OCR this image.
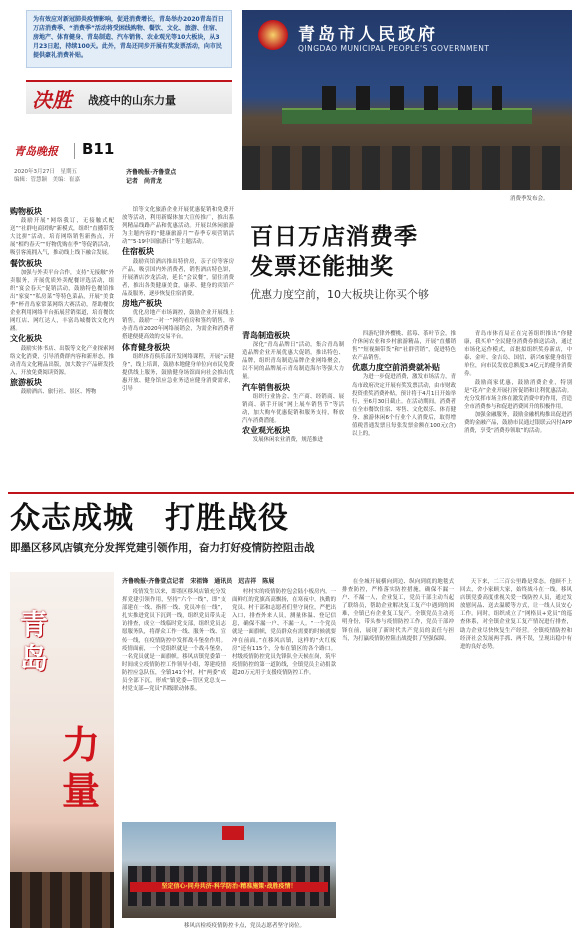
为有效应对新冠肺炎疫情影响，促进消费增长，青岛举办2020青岛百日万店消费季、“消费季”活动将受困线购物、餐饮、文化、旅游、住宿、房地产、体育健身、青岛制造、汽车销售、农业观光等10大板块，从3月23日起，持续100天。此外，青岛还同步开展有奖发票活动，向市民提供豪礼消费补贴。
决胜 战疫中的山东力量
青岛晚报 B11
2020年3月27日　星期五
编辑：管慧颖　美编：崔嘉
青岛市人民政府
QINGDAO MUNICIPAL PEOPLE'S GOVERNMENT
消费季发布会。
齐鲁晚报·齐鲁壹点
记者　尚青龙
百日万店消费季
发票还能抽奖
优惠力度空前，10大板块让你买个够
购物板块

鼓励开展“网络我订，无接触式配送”“社群电商团购”新模式，组织“直播带货大比拼”活动，培育网络销售新热点，开展“相约春天”“好物优购在季”等促销活动，吸引客流拥入气，推动线上线下融合发展。

餐饮板块

加强与外卖平台合作，支持“无接触”外卖服务，开展优质外卖配餐评选活动，组织“宴会春天”促销活动，鼓励特色餐馆推出“家宴”“私房菜”等特色菜品，开展“美食季”杯青岛家常菜网络大赛活动，帮助餐饮企业利用网络平台拓展营销渠道，培育餐饮网红店、网红达人，丰富岛城餐饮文化内涵。

文化板块

鼓励实体书店、出版等文化产业探索网络文化消费，引导消费群内容和新形态，推动青岛文化精品出版，加大数字产品研发投入，开放免费阅读资源。

旅游板块

鼓励酒店、旅行社、景区、博物

馆等文化旅游企业开展优惠促销和免费开放等活动，利用新媒体加大宣传推广，推出系列精品线路产品和优惠活动。开展以休闲旅游为主题内容的“健康旅游月”“春季专项营销活动”“5·19中国旅游日”等主题活动。

住宿板块

鼓励宾馆酒店推出特价房，亲子房等客房产品，吸引国内外消费者，销售酒店特色饼，开展酒店沙龙活动，延长“会议餐”，留住消费者，推出各类健康美食，康养、健身的宾馆产品及服务，逐步恢复住宿消费。

房地产板块

优化房地产市场调控，鼓励企业开展线上销售，鼓励“一对一”网约看房和签约销售，举办青岛市2020年网络展销会，为需企和消费者搭建便捷高效的交易平台。

体育健身板块

组织体育俱乐部开发网络课程，开展“云健身”，线上培训，鼓励本地健身单位向市民免费提供线上服务，鼓励健身场馆面向社会推出优惠开放、健身馆应急业务适应健身消费需求，引导

青岛制造板块

深化“青岛品牌日”活动，集合青岛制造品牌企业开展优惠大促销，推出特色、品牌，组织青岛制造品牌企业网络聚会，以不同的品牌展示青岛制造海尔等强大力量。

汽车销售板块

组织行业协会、生产商、经销商、展销商、新手开展“网上展车销售节”等活动，加大购车优惠促销和服务支持，释放汽车消费潜能。

农业观光板块

发展休闲农业消费，规范推进

四游纪律外樱桃、蓝莓、茶叶节会，推介休闲农业和乡村旅游精品，开展“直播销售”“短视频带货”和“社群营销”，促进特色农产品销售。

优惠力度空前消费就补贴

为进一步促进消费，激发市场活力，青岛市政府决定开展有奖发票活动，由市财政投资重奖消费补贴，预计将于4月1日开始举行，至6月30日截止。在活动期间，消费者在全市餐饮住宿、零售、文化娱乐、体育健身、旅游休闲6个行业个人消费后，取得增值税普通发票且每张发票金额在100元(含)以上的，

青岛市体育局正在完善组织推出“你健康，我买单”全民健身消费券推送活动，通过市场化运作模式，首批拟组织奖券新店，中泰、金叶、金吉岛、国信、新兴6家健身组管单位，向市民发放总额度3.4亿元的健身消费券。

鼓励商家优惠，鼓励消费企业，特别是“花卉”企业开展打折促销和让利优惠活动。充分发挥市场主体在激发消费中的作用，营造全市消费参与和促进消费回升的积极作用。

加强金融服务，鼓励金融机构推出促进消费的金融产品，鼓励市民通过银联云闪付APP消费，享受“消费券领取”的活动。

众志成城　打胜战役
即墨区移风店镇充分发挥党建引领作用，奋力打好疫情防控阻击战
青岛
力量
齐鲁晚报·齐鲁壹点记者　宋祖锋　通讯员　迟吉祥　陈展

疫情发生以来，即墨区移风店镇充分发挥党建引领作用，坚持“六个一线”，即“支部建在一线、指挥一线、党员冲在一线”，扎实推进党员下沉到一线，组织党员带头走访排查，成立一线临时党支部，组织党员志愿服务队，将群众工作一线、服务一线、宣传一线，在疫情防控中发挥战斗堡垒作用。疫情面前，一个党组织就是一个战斗堡垒，一名党员就是一面旗帜。移风店镇党委第一时间成立疫情防控工作领导小组，筹建疫情防控应急队伍，全镇141个村，村“两委”成员全部下沉，形成“镇党委—管区党总支—村党支部—党员”四级联动体系。

村村实的疫情防控包会陆小板房内，一面鲜红的党旗高高飘扬，在寒夜中，执勤的党员、村干部和志愿者们坚守岗位，严把出入口，排查外来人员，测量体温、登记信息，确保不漏一户、不漏一人。“一个党员就是一面旗帜，党员群众有需要的时候就要冲在前面。”在移风店镇，这样的“火红板房”还有115个，分布在镇区的各个路口。村级疫情防控党员先锋队全天候在岗，筑牢疫情防控的第一道防线，全镇党员主动捐款超20万元用于支援疫情防控工作。

在全城开展横向到边、纵向到底的地毯式排查防控，严格落实防控措施，确保不漏一户、不漏一人，企业复工，党员干部主动当起了联络员，帮助企业解决复工复产中遇到的困难，全镇已有企业复工复产。全镇党员主动亮明身份，带头参与疫情防控工作，党员干部冲锋在前，展现了新时代共产党员的责任与担当，为打赢疫情防控阻击战提供了坚强保障。

天下来，二三百公里路是常态。他顾不上回去，舍小家顾大家，始终战斗在一线。移风店镇党委高度重视关爱一线防控人员，通过发放慰问品、送去温暖等方式，让一线人员安心工作。同时，组织成立了“网格员+党员”的巡查体系，对全镇企业复工复产情况进行排查，助力企业尽快恢复生产经营。全镇疫情防控和经济社会发展两手抓、两不误，呈现出稳中有进的良好态势。

坚定信心·同舟共济·科学防治·精准施策·战胜疫情！
移风店检疫疫情防控卡点，党员志愿者坚守岗位。
